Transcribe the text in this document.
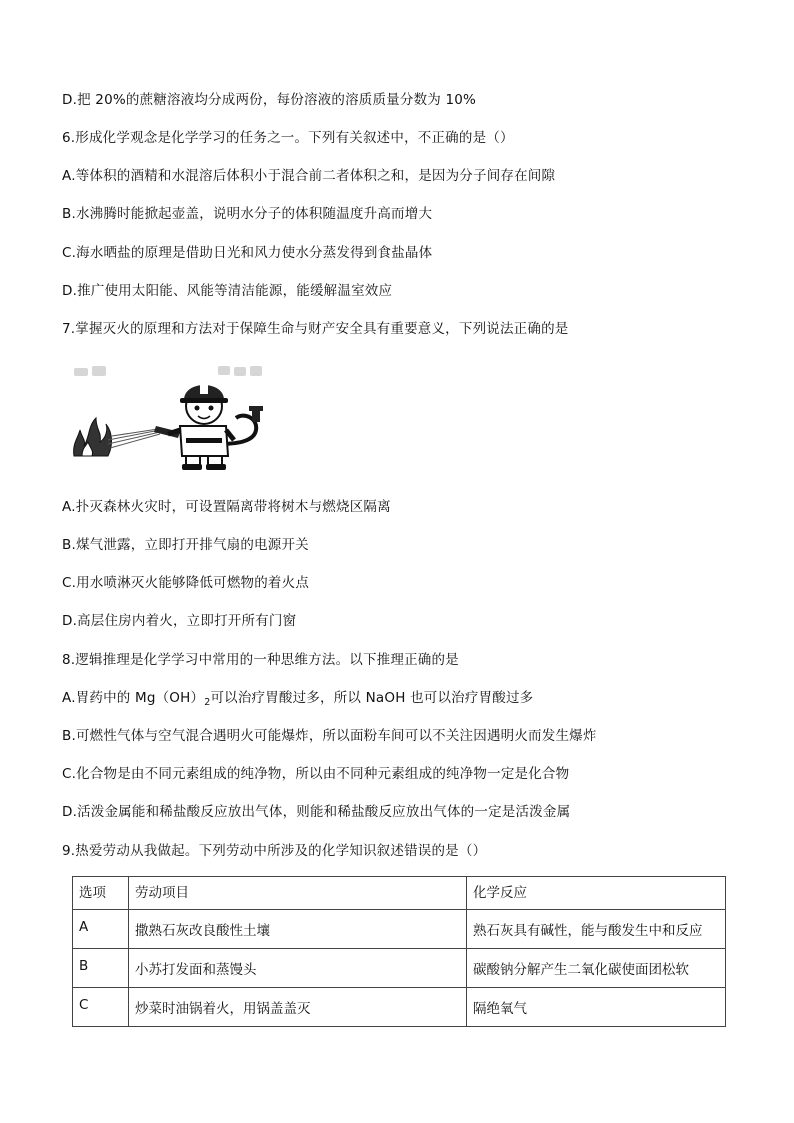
D.把 20%的蔗糖溶液均分成两份，每份溶液的溶质质量分数为 10%
6.形成化学观念是化学学习的任务之一。下列有关叙述中，不正确的是（）
A.等体积的酒精和水混溶后体积小于混合前二者体积之和，是因为分子间存在间隙
B.水沸腾时能掀起壶盖，说明水分子的体积随温度升高而增大
C.海水晒盐的原理是借助日光和风力使水分蒸发得到食盐晶体
D.推广使用太阳能、风能等清洁能源，能缓解温室效应
7.掌握灭火的原理和方法对于保障生命与财产安全具有重要意义，下列说法正确的是
A.扑灭森林火灾时，可设置隔离带将树木与燃烧区隔离
B.煤气泄露，立即打开排气扇的电源开关
C.用水喷淋灭火能够降低可燃物的着火点
D.高层住房内着火，立即打开所有门窗
8.逻辑推理是化学学习中常用的一种思维方法。以下推理正确的是
A.胃药中的 $Mg(OH)_2$可以治疗胃酸过多，所以 NaOH 也可以治疗胃酸过多
B.可燃性气体与空气混合遇明火可能爆炸，所以面粉车间可以不关注因遇明火而发生爆炸
C.化合物是由不同元素组成的纯净物，所以由不同种元素组成的纯净物一定是化合物
D.活泼金属能和稀盐酸反应放出气体，则能和稀盐酸反应放出气体的一定是活泼金属
9.热爱劳动从我做起。下列劳动中所涉及的化学知识叙述错误的是（）
选项	劳动项目	化学反应
A	撒熟石灰改良酸性土壤	熟石灰具有碱性，能与酸发生中和反应
B	小苏打发面和蒸馒头	碳酸钠分解产生二氧化碳使面团松软
C	炒菜时油锅着火，用锅盖盖灭	隔绝氧气
